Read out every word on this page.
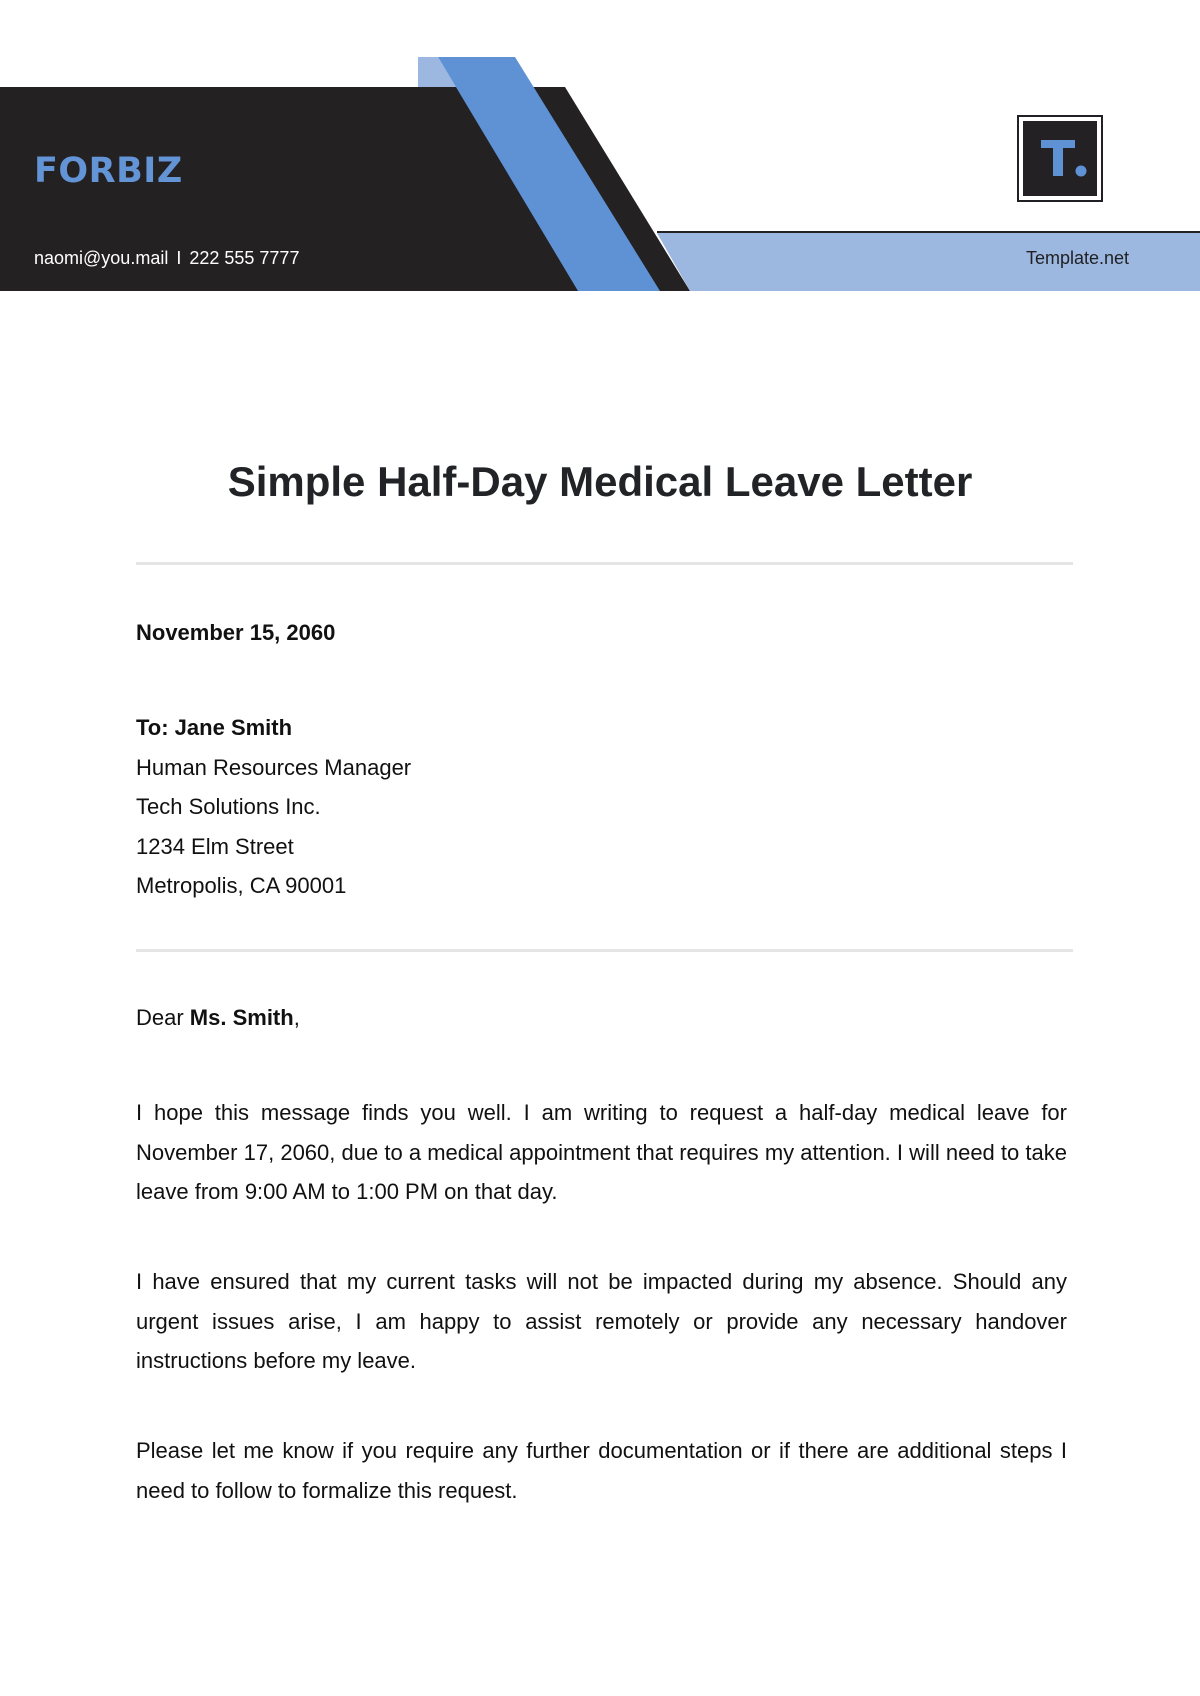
FORBIZ
naomi@you.mail I 222 555 7777	Template.net
Simple Half-Day Medical Leave Letter
November 15, 2060
To: Jane Smith
Human Resources Manager
Tech Solutions Inc.
1234 Elm Street
Metropolis, CA 90001
Dear Ms. Smith,

I hope this message finds you well. I am writing to request a half-day medical leave for November 17, 2060, due to a medical appointment that requires my attention. I will need to take leave from 9:00 AM to 1:00 PM on that day.

I have ensured that my current tasks will not be impacted during my absence. Should any urgent issues arise, I am happy to assist remotely or provide any necessary handover instructions before my leave.

Please let me know if you require any further documentation or if there are additional steps I need to follow to formalize this request.
